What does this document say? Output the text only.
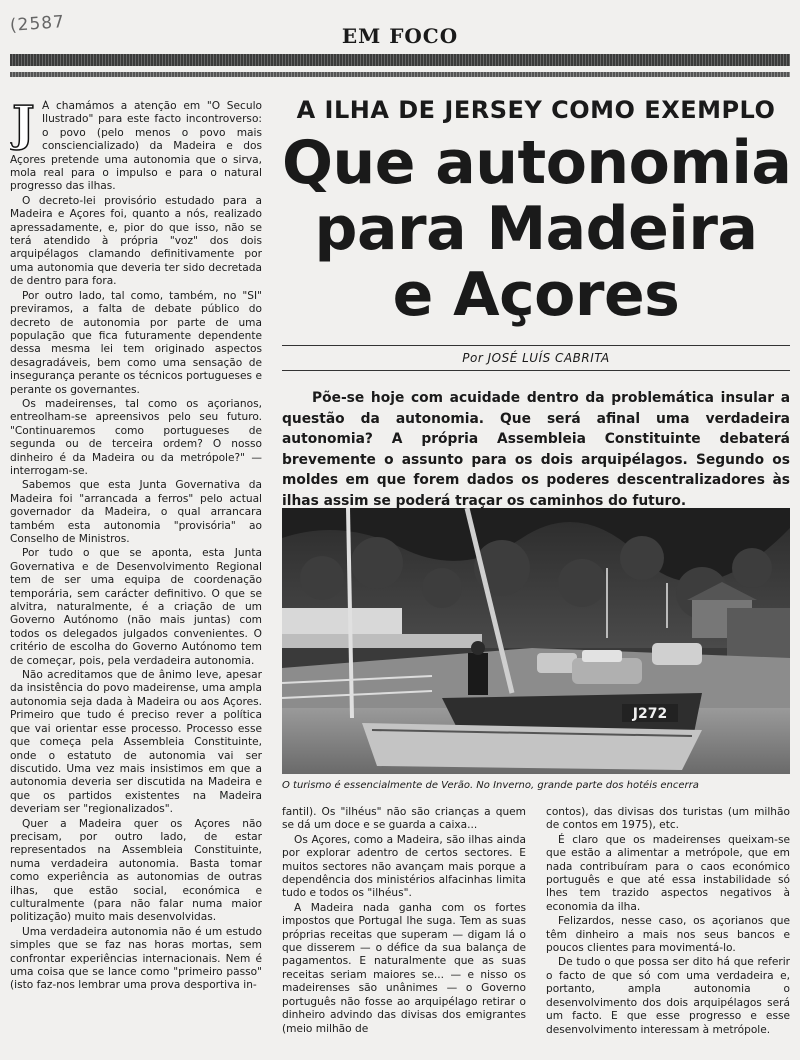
(2587	EM FOCO

J Á chamámos a atenção em "O Seculo Ilustrado" para este facto incontroverso: o povo (pelo menos o povo mais consciencializado) da Madeira e dos Açores pretende uma autonomia que o sirva, mola real para o impulso e para o natural progresso das ilhas.

O decreto-lei provisório estudado para a Madeira e Açores foi, quanto a nós, realizado apressadamente, e, pior do que isso, não se terá atendido à própria "voz" dos dois arquipélagos clamando definitivamente por uma autonomia que deveria ter sido decretada de dentro para fora.

Por outro lado, tal como, também, no "SI" previramos, a falta de debate público do decreto de autonomia por parte de uma população que fica futuramente dependente dessa mesma lei tem originado aspectos desagradáveis, bem como uma sensação de insegurança perante os técnicos portugueses e perante os governantes.

Os madeirenses, tal como os açorianos, entreolham-se apreensivos pelo seu futuro. "Continuaremos como portugueses de segunda ou de terceira ordem? O nosso dinheiro é da Madeira ou da metrópole?" — interrogam-se.

Sabemos que esta Junta Governativa da Madeira foi "arrancada a ferros" pelo actual governador da Madeira, o qual arrancara também esta autonomia "provisória" ao Conselho de Ministros.

Por tudo o que se aponta, esta Junta Governativa e de Desenvolvimento Regional tem de ser uma equipa de coordenação temporária, sem carácter definitivo. O que se alvitra, naturalmente, é a criação de um Governo Autónomo (não mais juntas) com todos os delegados julgados convenientes. O critério de escolha do Governo Autónomo tem de começar, pois, pela verdadeira autonomia.

Não acreditamos que de ânimo leve, apesar da insistência do povo madeirense, uma ampla autonomia seja dada à Madeira ou aos Açores. Primeiro que tudo é preciso rever a política que vai orientar esse processo. Processo esse que começa pela Assembleia Constituinte, onde o estatuto de autonomia vai ser discutido. Uma vez mais insistimos em que a autonomia deveria ser discutida na Madeira e que os partidos existentes na Madeira deveriam ser "regionalizados".

Quer a Madeira quer os Açores não precisam, por outro lado, de estar representados na Assembleia Constituinte, numa verdadeira autonomia. Basta tomar como experiência as autonomias de outras ilhas, que estão social, económica e culturalmente (para não falar numa maior politização) muito mais desenvolvidas.

Uma verdadeira autonomia não é um estudo simples que se faz nas horas mortas, sem confrontar experiências internacionais. Nem é uma coisa que se lance como "primeiro passo" (isto faz-nos lembrar uma prova desportiva in-

A ILHA DE JERSEY COMO EXEMPLO
Que autonomia
para Madeira
e Açores
Por JOSÉ LUÍS CABRITA

Põe-se hoje com acuidade dentro da problemática insular a questão da autonomia. Que será afinal uma verdadeira autonomia? A própria Assembleia Constituinte debaterá brevemente o assunto para os dois arquipélagos. Segundo os moldes em que forem dados os poderes descentralizadores às ilhas assim se poderá traçar os caminhos do futuro.

J272
O turismo é essencialmente de Verão. No Inverno, grande parte dos hotéis encerra

fantil). Os "ilhéus" não são crianças a quem se dá um doce e se guarda a caixa...

Os Açores, como a Madeira, são ilhas ainda por explorar adentro de certos sectores. E muitos sectores não avançam mais porque a dependência dos ministérios alfacinhas limita tudo e todos os "ilhéus".

A Madeira nada ganha com os fortes impostos que Portugal lhe suga. Tem as suas próprias receitas que superam — digam lá o que disserem — o défice da sua balança de pagamentos. E naturalmente que as suas receitas seriam maiores se... — e nisso os madeirenses são unânimes — o Governo português não fosse ao arquipélago retirar o dinheiro advindo das divisas dos emigrantes (meio milhão de

contos), das divisas dos turistas (um milhão de contos em 1975), etc.

É claro que os madeirenses queixam-se que estão a alimentar a metrópole, que em nada contribuíram para o caos económico português e que até essa instabilidade só lhes tem trazido aspectos negativos à economia da ilha.

Felizardos, nesse caso, os açorianos que têm dinheiro a mais nos seus bancos e poucos clientes para movimentá-lo.

De tudo o que possa ser dito há que referir o facto de que só com uma verdadeira e, portanto, ampla autonomia o desenvolvimento dos dois arquipélagos será um facto. E que esse progresso e esse desenvolvimento interessam à metrópole.
